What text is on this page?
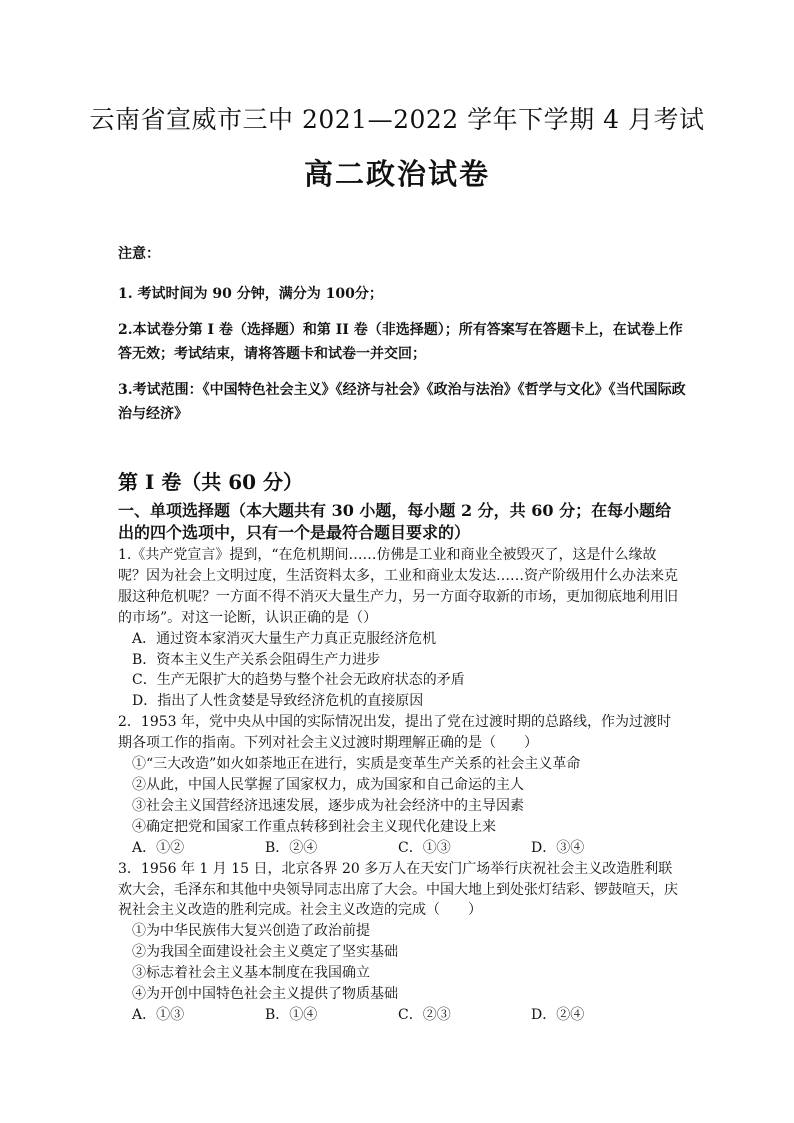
云南省宣威市三中 2021—2022 学年下学期 4 月考试
高二政治试卷

注意：

1. 考试时间为 90 分钟，满分为 100分；

2.本试卷分第 I 卷（选择题）和第 II 卷（非选择题）；所有答案写在答题卡上，在试卷上作答无效；考试结束，请将答题卡和试卷一并交回；

3.考试范围：《中国特色社会主义》《经济与社会》《政治与法治》《哲学与文化》《当代国际政治与经济》

第 I 卷（共 60 分）
一、单项选择题（本大题共有 30 小题，每小题 2 分，共 60 分；在每小题给出的四个选项中，只有一个是最符合题目要求的）
1.《共产党宣言》提到，“在危机期间……仿佛是工业和商业全被毁灭了，这是什么缘故呢？因为社会上文明过度，生活资料太多，工业和商业太发达……资产阶级用什么办法来克服这种危机呢？一方面不得不消灭大量生产力，另一方面夺取新的市场，更加彻底地利用旧的市场”。对这一论断，认识正确的是（）
A．通过资本家消灭大量生产力真正克服经济危机
B．资本主义生产关系会阻碍生产力进步
C．生产无限扩大的趋势与整个社会无政府状态的矛盾
D．指出了人性贪婪是导致经济危机的直接原因
2．1953 年，党中央从中国的实际情况出发，提出了党在过渡时期的总路线，作为过渡时期各项工作的指南。下列对社会主义过渡时期理解正确的是（　　）
①“三大改造”如火如荼地正在进行，实质是变革生产关系的社会主义革命
②从此，中国人民掌握了国家权力，成为国家和自己命运的主人
③社会主义国营经济迅速发展，逐步成为社会经济中的主导因素
④确定把党和国家工作重点转移到社会主义现代化建设上来
A．①②	B．②④	C．①③	D．③④
3．1956 年 1 月 15 日，北京各界 20 多万人在天安门广场举行庆祝社会主义改造胜利联欢大会，毛泽东和其他中央领导同志出席了大会。中国大地上到处张灯结彩、锣鼓喧天，庆祝社会主义改造的胜利完成。社会主义改造的完成（　　）
①为中华民族伟大复兴创造了政治前提
②为我国全面建设社会主义奠定了坚实基础
③标志着社会主义基本制度在我国确立
④为开创中国特色社会主义提供了物质基础
A．①③	B．①④	C．②③	D．②④
